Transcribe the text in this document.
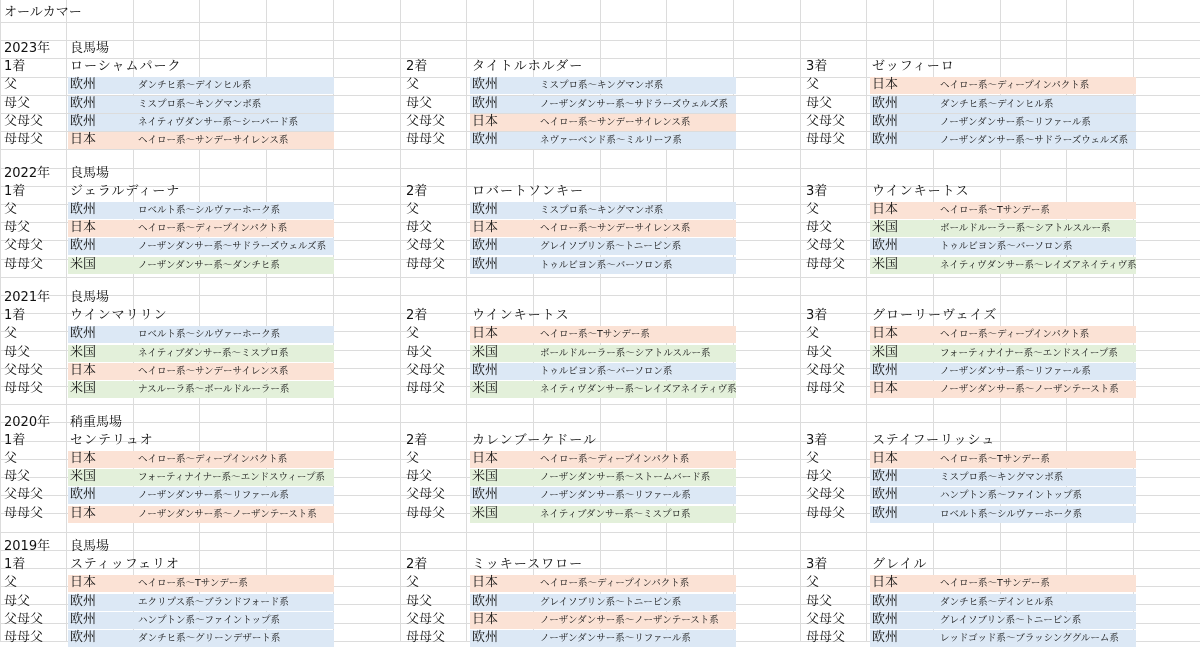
オールカマー
2023年 良馬場
1着	ローシャムパーク
父	欧州	ダンチヒ系～デインヒル系
母父	欧州	ミスプロ系～キングマンボ系
父母父 欧州	ネイティヴダンサー系～シーバード系
母母父 日本	ヘイロー系～サンデーサイレンス系
2着	タイトルホルダー
父	欧州	ミスプロ系～キングマンボ系
母父	欧州	ノーザンダンサー系～サドラーズウェルズ系
父母父 日本	ヘイロー系～サンデーサイレンス系
母母父 欧州	ネヴァーベンド系～ミルリーフ系
3着	ゼッフィーロ
父	日本	ヘイロー系～ディープインパクト系
母父	欧州	ダンチヒ系～デインヒル系
父母父 欧州	ノーザンダンサー系～リファール系
母母父 欧州	ノーザンダンサー系～サドラーズウェルズ系
2022年 良馬場
1着	ジェラルディーナ
父	欧州	ロベルト系～シルヴァーホーク系
母父	日本	ヘイロー系～ディープインパクト系
父母父 欧州	ノーザンダンサー系～サドラーズウェルズ系
母母父 米国	ノーザンダンサー系～ダンチヒ系
2着	ロバートソンキー
父	欧州	ミスプロ系～キングマンボ系
母父	日本	ヘイロー系～サンデーサイレンス系
父母父 欧州	グレイソブリン系～トニービン系
母母父 欧州	トゥルビヨン系～バーソロン系
3着	ウインキートス
父	日本	ヘイロー系～Tサンデー系
母父	米国	ボールドルーラー系～シアトルスルー系
父母父 欧州	トゥルビヨン系～バーソロン系
母母父 米国	ネイティヴダンサー系～レイズアネイティヴ系
2021年 良馬場
1着	ウインマリリン
父	欧州	ロベルト系～シルヴァーホーク系
母父	米国	ネイティブダンサー系～ミスプロ系
父母父 日本	ヘイロー系～サンデーサイレンス系
母母父 米国	ナスルーラ系～ボールドルーラー系
2着	ウインキートス
父	日本	ヘイロー系～Tサンデー系
母父	米国	ボールドルーラー系～シアトルスルー系
父母父 欧州	トゥルビヨン系～バーソロン系
母母父 米国	ネイティヴダンサー系～レイズアネイティヴ系
3着	グローリーヴェイズ
父	日本	ヘイロー系～ディープインパクト系
母父	米国	フォーティナイナー系～エンドスイープ系
父母父 欧州	ノーザンダンサー系～リファール系
母母父 日本	ノーザンダンサー系～ノーザンテースト系
2020年 稍重馬場
1着	センテリュオ
父	日本	ヘイロー系～ディープインパクト系
母父	米国	フォーティナイナー系～エンドスウィープ系
父母父 欧州	ノーザンダンサー系～リファール系
母母父 日本	ノーザンダンサー系～ノーザンテースト系
2着	カレンブーケドール
父	日本	ヘイロー系～ディープインパクト系
母父	米国	ノーザンダンサー系～ストームバード系
父母父 欧州	ノーザンダンサー系～リファール系
母母父 米国	ネイティブダンサー系～ミスプロ系
3着	ステイフーリッシュ
父	日本	ヘイロー系～Tサンデー系
母父	欧州	ミスプロ系～キングマンボ系
父母父 欧州	ハンプトン系～ファイントップ系
母母父 欧州	ロベルト系～シルヴァーホーク系
2019年 良馬場
1着	スティッフェリオ
父	日本	ヘイロー系～Tサンデー系
母父	欧州	エクリプス系～ブランドフォード系
父母父 欧州	ハンプトン系～ファイントップ系
母母父 欧州	ダンチヒ系～グリーンデザート系
2着	ミッキースワロー
父	日本	ヘイロー系～ディープインパクト系
母父	欧州	グレイソブリン系～トニービン系
父母父 日本	ノーザンダンサー系～ノーザンテースト系
母母父 欧州	ノーザンダンサー系～リファール系
3着	グレイル
父	日本	ヘイロー系～Tサンデー系
母父	欧州	ダンチヒ系～デインヒル系
父母父 欧州	グレイソブリン系～トニービン系
母母父 欧州	レッドゴッド系～ブラッシンググルーム系
